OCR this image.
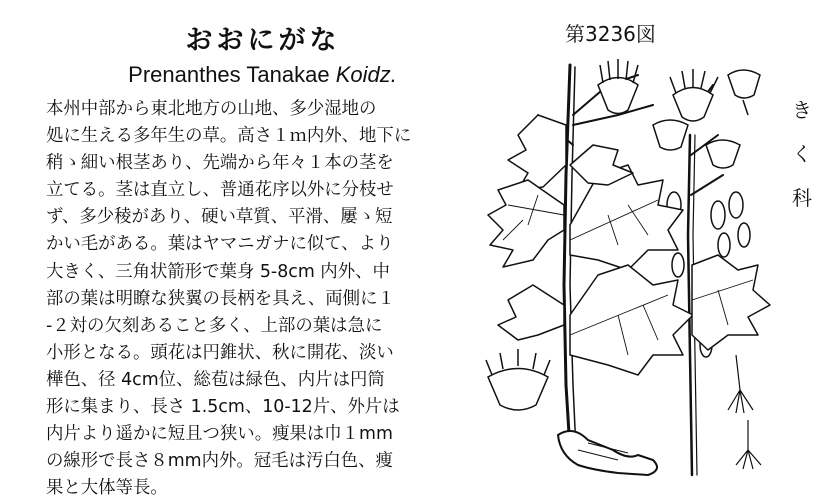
おおにがな
Prenanthes Tanakae Koidz.
本州中部から東北地方の山地、多少湿地の
処に生える多年生の草。高さ１ｍ内外、地下に
稍ゝ細い根茎あり、先端から年々１本の茎を
立てる。茎は直立し、普通花序以外に分枝せ
ず、多少稜があり、硬い草質、平滑、屢ゝ短
かい毛がある。葉はヤマニガナに似て、より
大きく、三角状箭形で葉身 5-8cm 内外、中
部の葉は明瞭な狭翼の長柄を具え、両側に１
-２対の欠刻あること多く、上部の葉は急に
小形となる。頭花は円錐状、秋に開花、淡い
樺色、径 4cm位、総苞は緑色、内片は円筒
形に集まり、長さ 1.5cm、10-12片、外片は
内片より遥かに短且つ狭い。痩果は巾１mm
の線形で長さ８mm内外。冠毛は汚白色、痩
果と大体等長。
第3236図
き
く
科
